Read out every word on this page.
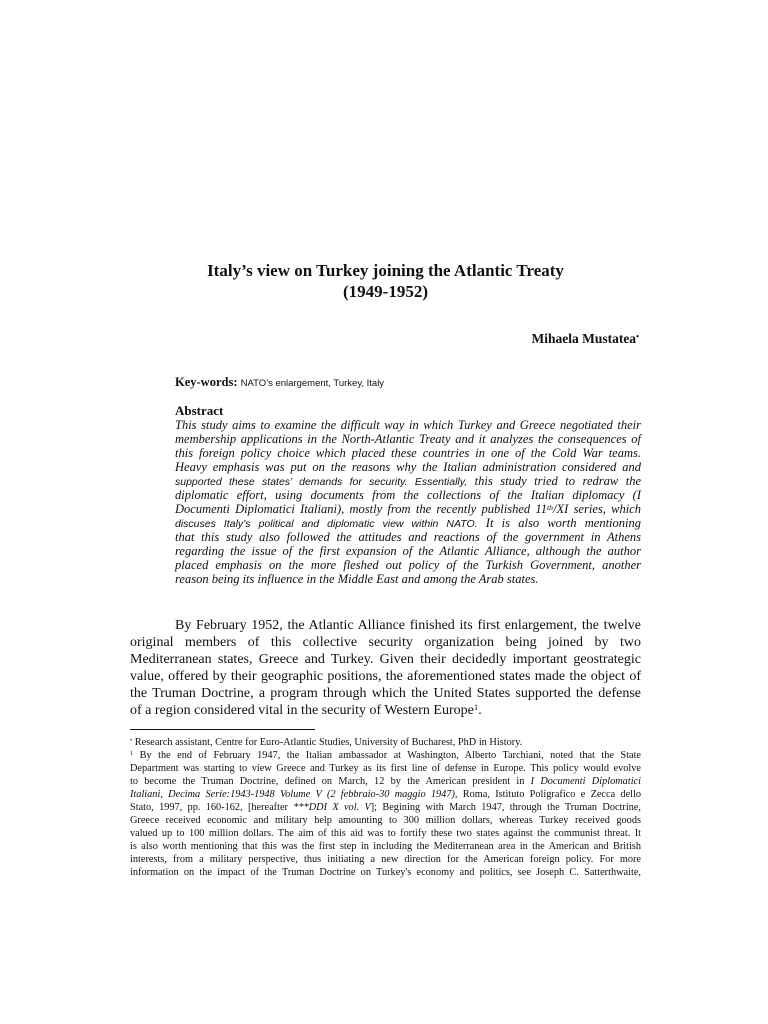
Italy’s view on Turkey joining the Atlantic Treaty
(1949-1952)
Mihaela Mustatea•
Key-words: NATO’s enlargement, Turkey, Italy
Abstract
This study aims to examine the difficult way in which Turkey and Greece negotiated their
membership applications in the North-Atlantic Treaty and it analyzes the consequences of
this foreign policy choice which placed these countries in one of the Cold War teams.
Heavy emphasis was put on the reasons why the Italian administration considered and
supported these states’ demands for security. Essentially, this study tried to redraw the
diplomatic effort, using documents from the collections of the Italian diplomacy (I
Documenti Diplomatici Italiani), mostly from the recently published 11th/XI series, which
discuses Italy’s political and diplomatic view within NATO. It is also worth mentioning
that this study also followed the attitudes and reactions of the government in Athens
regarding the issue of the first expansion of the Atlantic Alliance, although the author
placed emphasis on the more fleshed out policy of the Turkish Government, another
reason being its influence in the Middle East and among the Arab states.
By February 1952, the Atlantic Alliance finished its first enlargement, the twelve
original members of this collective security organization being joined by two
Mediterranean states, Greece and Turkey. Given their decidedly important geostrategic
value, offered by their geographic positions, the aforementioned states made the object of
the Truman Doctrine, a program through which the United States supported the defense
of a region considered vital in the security of Western Europe$^1$.
• Research assistant, Centre for Euro-Atlantic Studies, University of Bucharest, PhD in History.
$^1$ By the end of February 1947, the Italian ambassador at Washington, Alberto Tarchiani, noted that the State
Department was starting to view Greece and Turkey as its first line of defense in Europe. This policy would evolve
to become the Truman Doctrine, defined on March, 12 by the American president in I Documenti Diplomatici
Italiani, Decima Serie:1943-1948 Volume V (2 febbraio-30 maggio 1947), Roma, Istituto Poligrafico e Zecca dello
Stato, 1997, pp. 160-162, [hereafter ***DDI X vol. V]; Begining with March 1947, through the Truman Doctrine,
Greece received economic and military help amounting to 300 million dollars, whereas Turkey received goods
valued up to 100 million dollars. The aim of this aid was to fortify these two states against the communist threat. It
is also worth mentioning that this was the first step in including the Mediterranean area in the American and British
interests, from a military perspective, thus initiating a new direction for the American foreign policy. For more
information on the impact of the Truman Doctrine on Turkey's economy and politics, see Joseph C. Satterthwaite,
